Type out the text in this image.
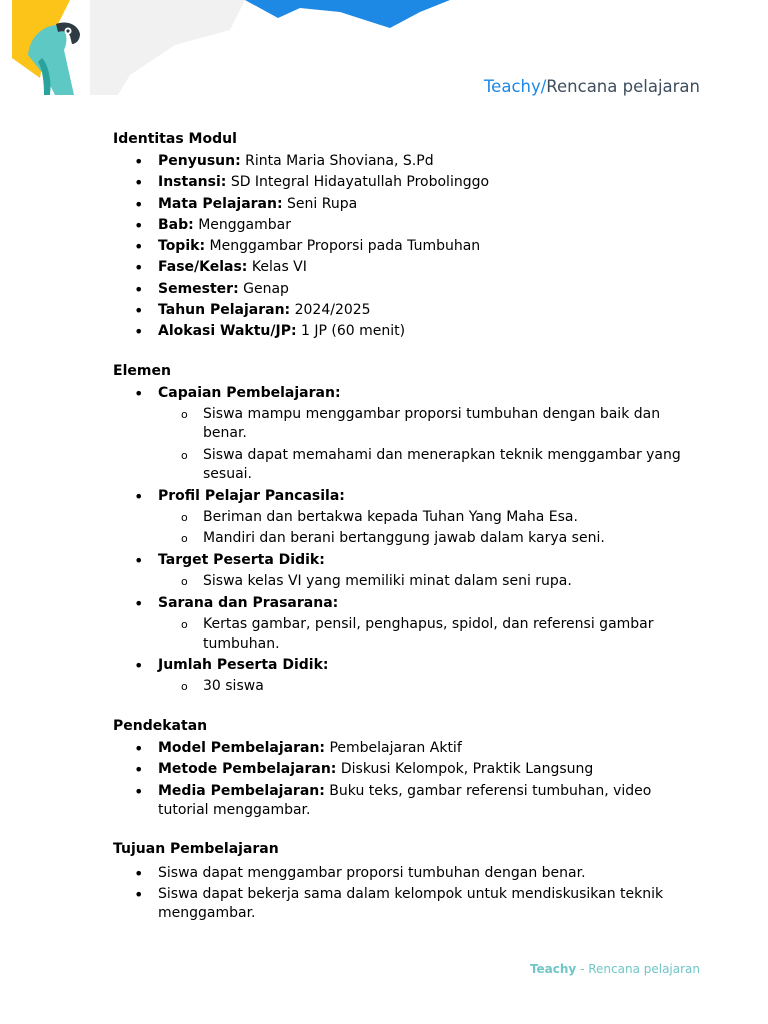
Teachy/Rencana pelajaran
Identitas Modul
• Penyusun: Rinta Maria Shoviana, S.Pd
• Instansi: SD Integral Hidayatullah Probolinggo
• Mata Pelajaran: Seni Rupa
• Bab: Menggambar
• Topik: Menggambar Proporsi pada Tumbuhan
• Fase/Kelas: Kelas VI
• Semester: Genap
• Tahun Pelajaran: 2024/2025
• Alokasi Waktu/JP: 1 JP (60 menit)
Elemen
• Capaian Pembelajaran:
o Siswa mampu menggambar proporsi tumbuhan dengan baik dan benar.
o Siswa dapat memahami dan menerapkan teknik menggambar yang sesuai.
• Profil Pelajar Pancasila:
o Beriman dan bertakwa kepada Tuhan Yang Maha Esa.
o Mandiri dan berani bertanggung jawab dalam karya seni.
• Target Peserta Didik:
o Siswa kelas VI yang memiliki minat dalam seni rupa.
• Sarana dan Prasarana:
o Kertas gambar, pensil, penghapus, spidol, dan referensi gambar tumbuhan.
• Jumlah Peserta Didik:
o 30 siswa
Pendekatan
• Model Pembelajaran: Pembelajaran Aktif
• Metode Pembelajaran: Diskusi Kelompok, Praktik Langsung
• Media Pembelajaran: Buku teks, gambar referensi tumbuhan, video tutorial menggambar.
Tujuan Pembelajaran
• Siswa dapat menggambar proporsi tumbuhan dengan benar.
• Siswa dapat bekerja sama dalam kelompok untuk mendiskusikan teknik menggambar.
Teachy - Rencana pelajaran
